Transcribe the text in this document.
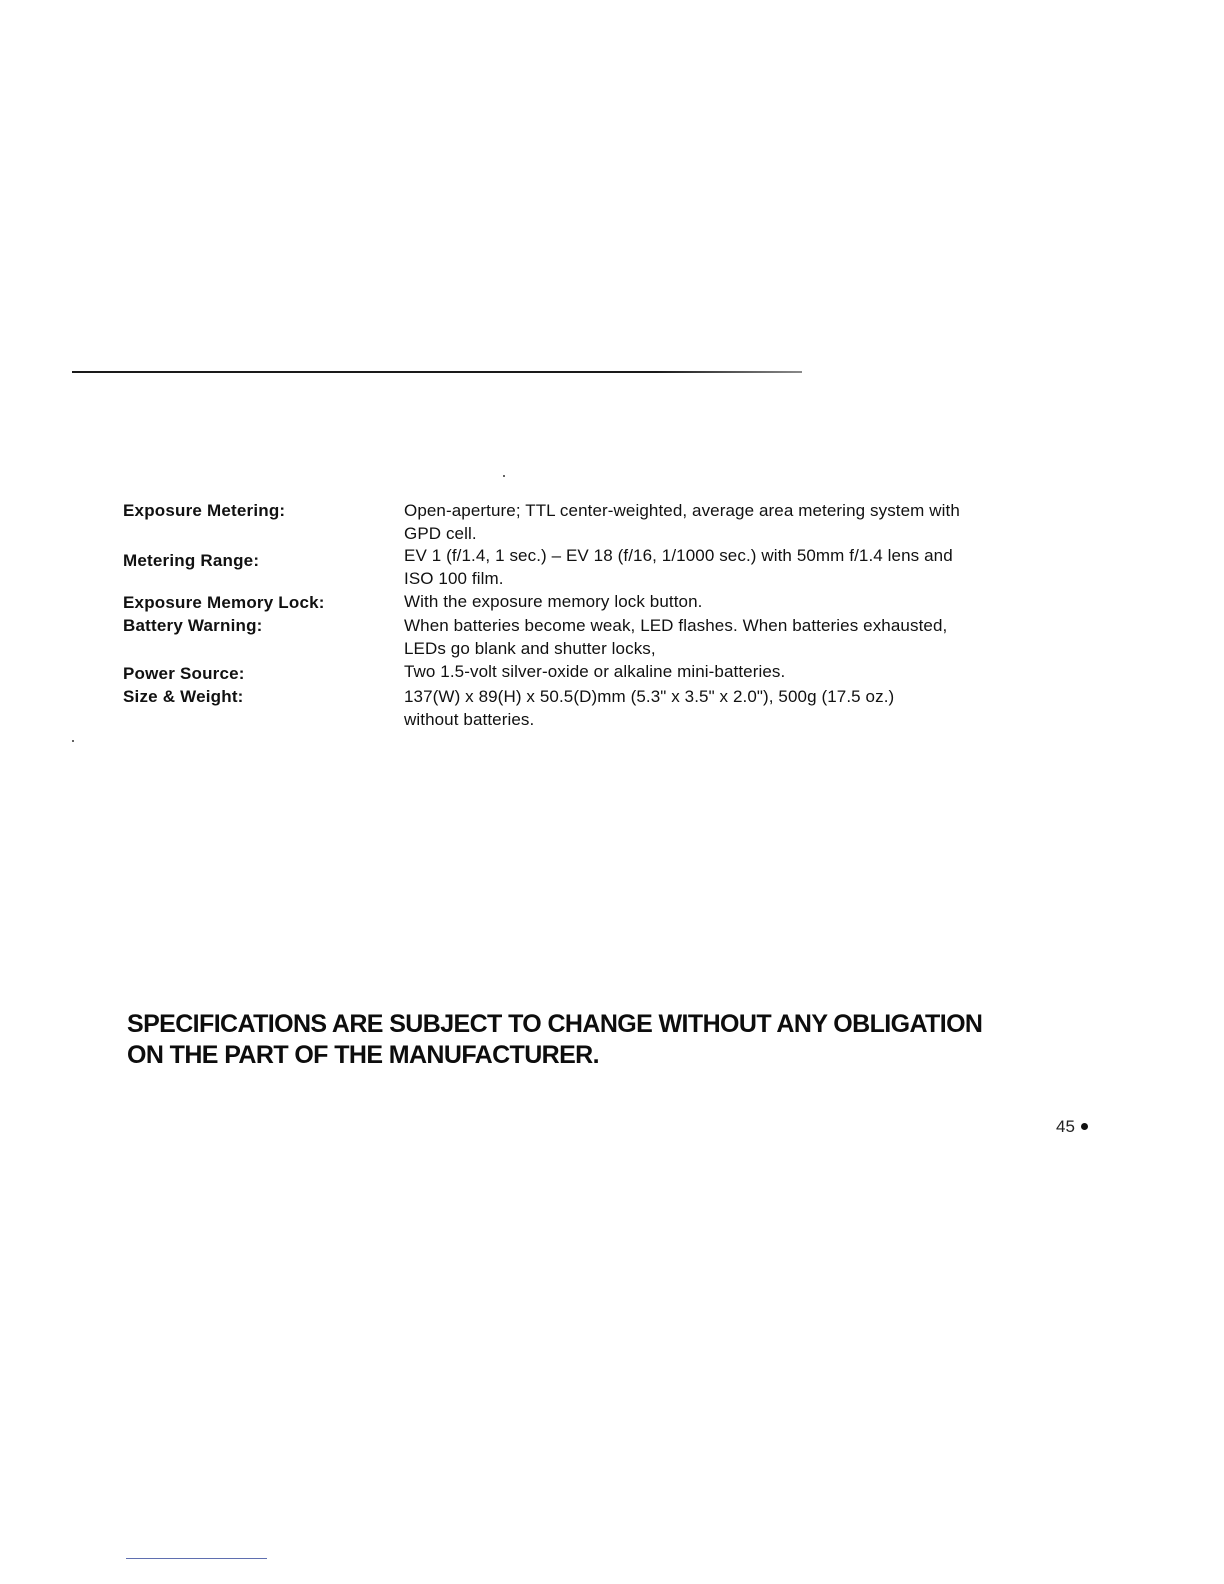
Exposure Metering:	Open-aperture; TTL center-weighted, average area metering system with
GPD cell.
Metering Range:	EV 1 (f/1.4, 1 sec.) – EV 18 (f/16, 1/1000 sec.) with 50mm f/1.4 lens and
ISO 100 film.
Exposure Memory Lock:	With the exposure memory lock button.
Battery Warning:	When batteries become weak, LED flashes. When batteries exhausted,
LEDs go blank and shutter locks,
Power Source:	Two 1.5-volt silver-oxide or alkaline mini-batteries.
Size & Weight:	137(W) x 89(H) x 50.5(D)mm (5.3" x 3.5" x 2.0"), 500g (17.5 oz.)
without batteries.
SPECIFICATIONS ARE SUBJECT TO CHANGE WITHOUT ANY OBLIGATION
ON THE PART OF THE MANUFACTURER.
45
